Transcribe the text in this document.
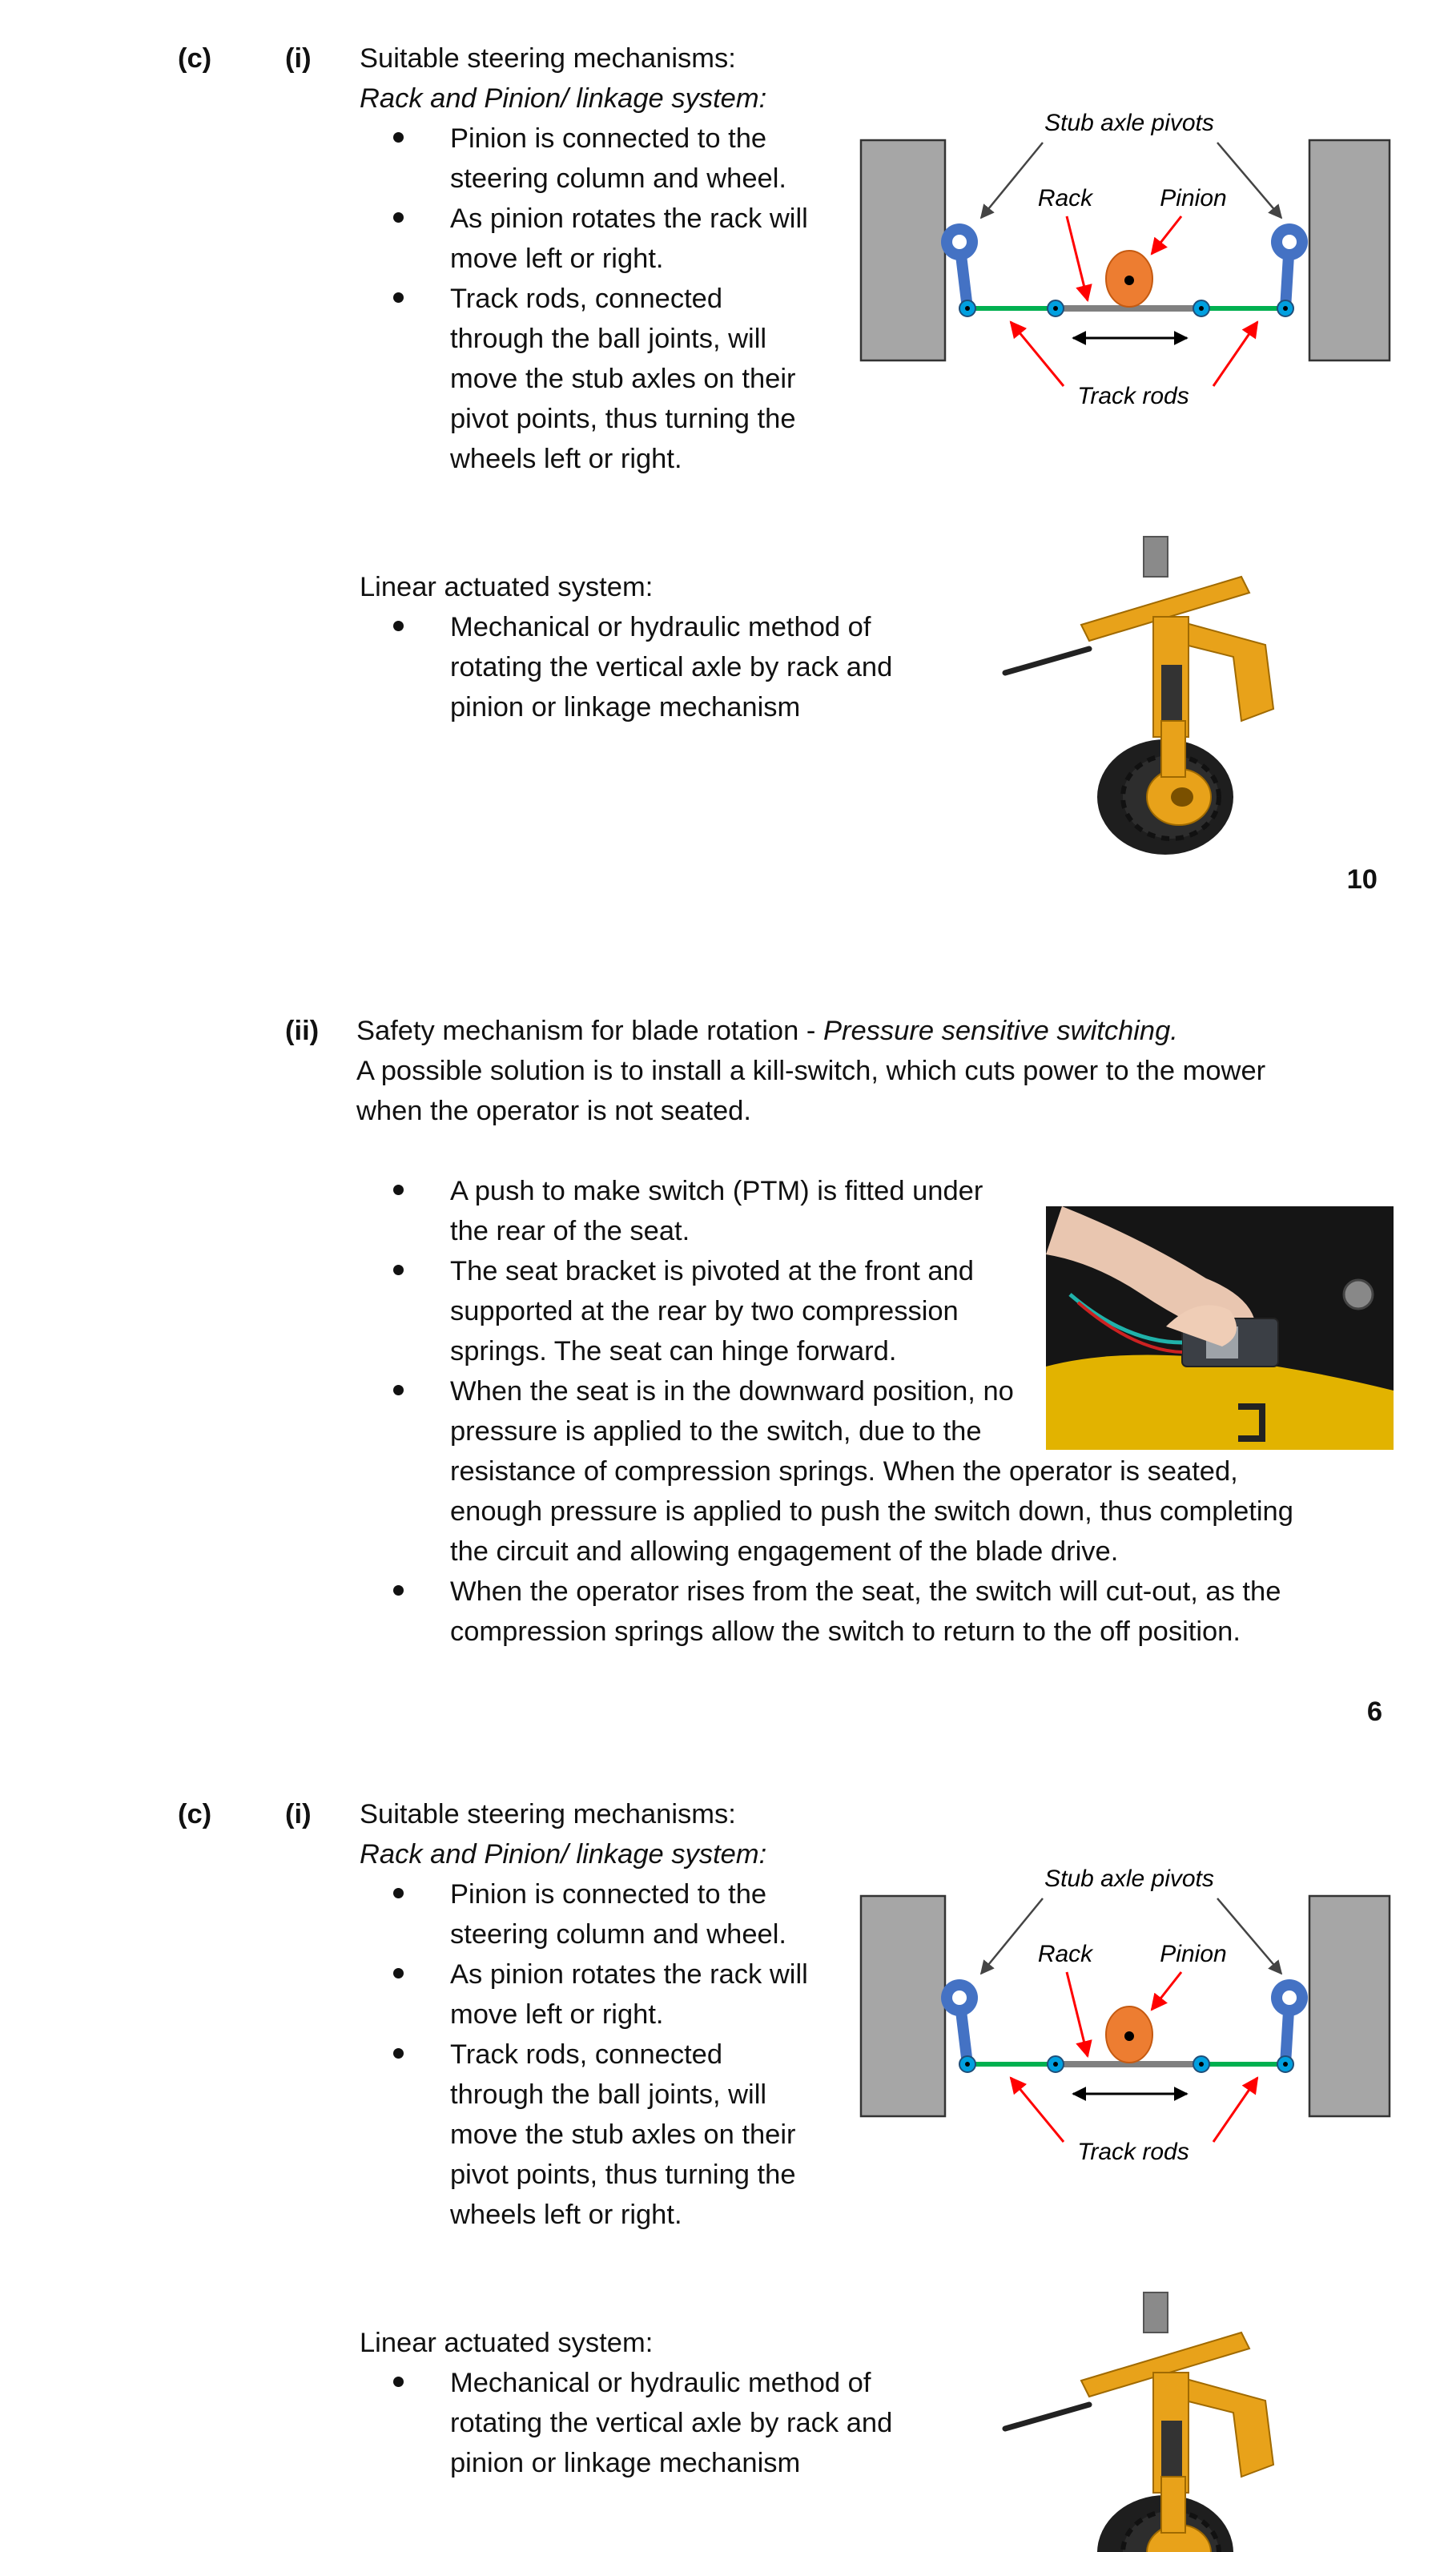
(c)	(i) Suitable steering mechanisms:
Rack and Pinion/ linkage system:
Pinion is connected to the
steering column and wheel.
As pinion rotates the rack will
move left or right.
Track rods, connected
through the ball joints, will
move the stub axles on their
pivot points, thus turning the
wheels left or right.
Stub axle pivots
Rack	Pinion
Track rods
Linear actuated system:
Mechanical or hydraulic method of
rotating the vertical axle by rack and
pinion or linkage mechanism
10
(ii) Safety mechanism for blade rotation - Pressure sensitive switching.
A possible solution is to install a kill-switch, which cuts power to the mower
when the operator is not seated.
A push to make switch (PTM) is fitted under
the rear of the seat.
The seat bracket is pivoted at the front and
supported at the rear by two compression
springs. The seat can hinge forward.
When the seat is in the downward position, no
pressure is applied to the switch, due to the
resistance of compression springs. When the operator is seated,
enough pressure is applied to push the switch down, thus completing
the circuit and allowing engagement of the blade drive.
When the operator rises from the seat, the switch will cut-out, as the
compression springs allow the switch to return to the off position.
6
(c)	(i) Suitable steering mechanisms:
Rack and Pinion/ linkage system:
Pinion is connected to the
steering column and wheel.
As pinion rotates the rack will
move left or right.
Track rods, connected
through the ball joints, will
move the stub axles on their
pivot points, thus turning the
wheels left or right.
Stub axle pivots
Rack	Pinion
Track rods
Linear actuated system:
Mechanical or hydraulic method of
rotating the vertical axle by rack and
pinion or linkage mechanism
